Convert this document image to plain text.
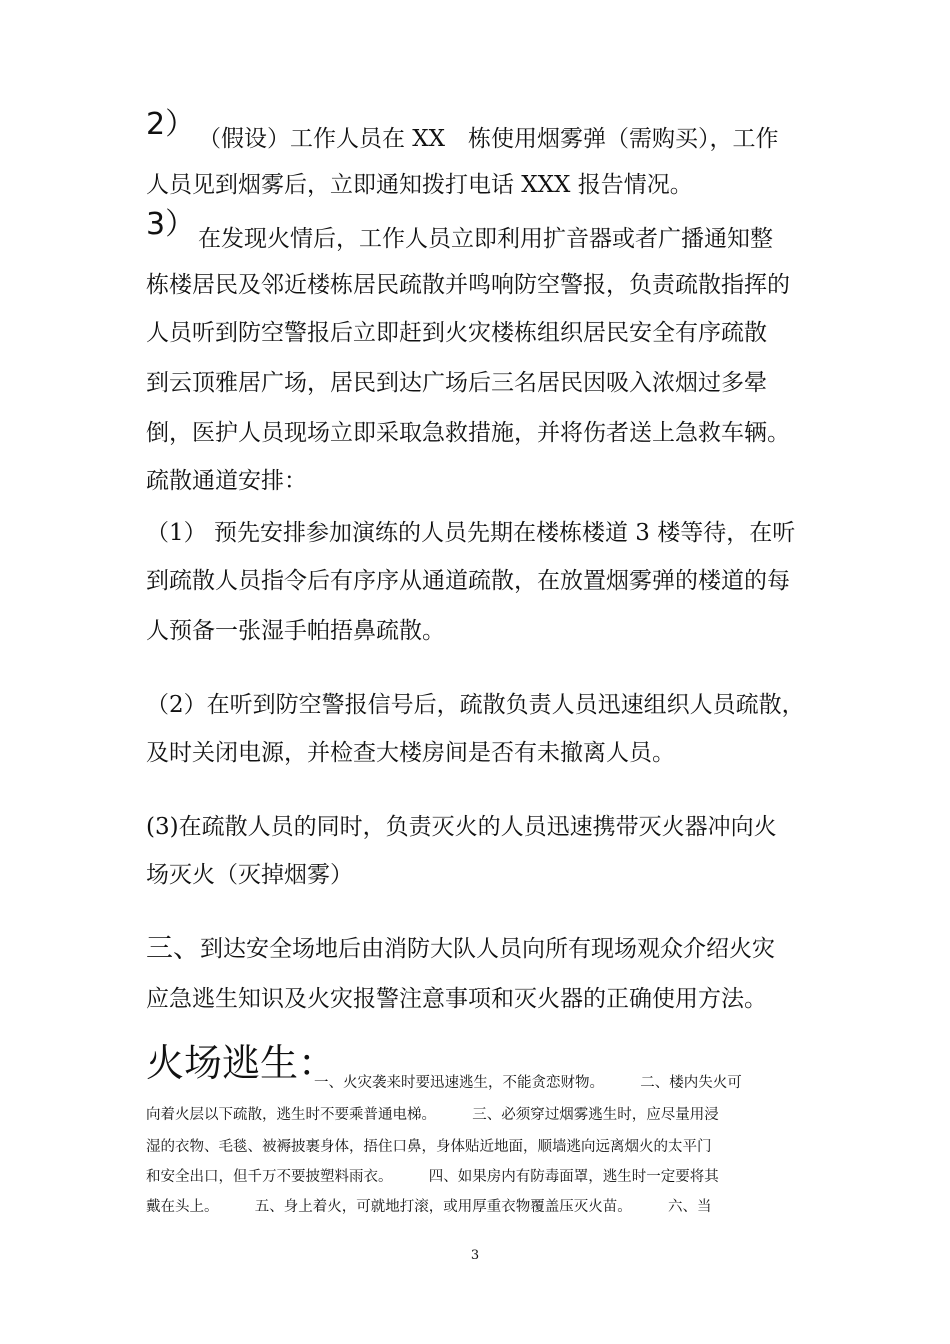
2） （假设）工作人员在 XX　栋使用烟雾弹（需购买），工作
人员见到烟雾后，立即通知拨打电话 XXX 报告情况。
3） 在发现火情后，工作人员立即利用扩音器或者广播通知整
栋楼居民及邻近楼栋居民疏散并鸣响防空警报，负责疏散指挥的
人员听到防空警报后立即赶到火灾楼栋组织居民安全有序疏散
到云顶雅居广场，居民到达广场后三名居民因吸入浓烟过多晕
倒，医护人员现场立即采取急救措施，并将伤者送上急救车辆。
疏散通道安排：
（1） 预先安排参加演练的人员先期在楼栋楼道 3 楼等待，在听
到疏散人员指令后有序序从通道疏散，在放置烟雾弹的楼道的每
人预备一张湿手帕捂鼻疏散。
（2）在听到防空警报信号后，疏散负责人员迅速组织人员疏散，
及时关闭电源，并检查大楼房间是否有未撤离人员。
(3)在疏散人员的同时，负责灭火的人员迅速携带灭火器冲向火
场灭火（灭掉烟雾）
三、 到达安全场地后由消防大队人员向所有现场观众介绍火灾
应急逃生知识及火灾报警注意事项和灭火器的正确使用方法。
火场逃生：
一、火灾袭来时要迅速逃生，不能贪恋财物。　　　二、楼内失火可
向着火层以下疏散，逃生时不要乘普通电梯。　　　三、必须穿过烟雾逃生时，应尽量用浸
湿的衣物、毛毯、被褥披裹身体，捂住口鼻，身体贴近地面，顺墙逃向远离烟火的太平门
和安全出口，但千万不要披塑料雨衣。　　　四、如果房内有防毒面罩，逃生时一定要将其
戴在头上。　　　五、身上着火，可就地打滚，或用厚重衣物覆盖压灭火苗。　　　六、当
3
